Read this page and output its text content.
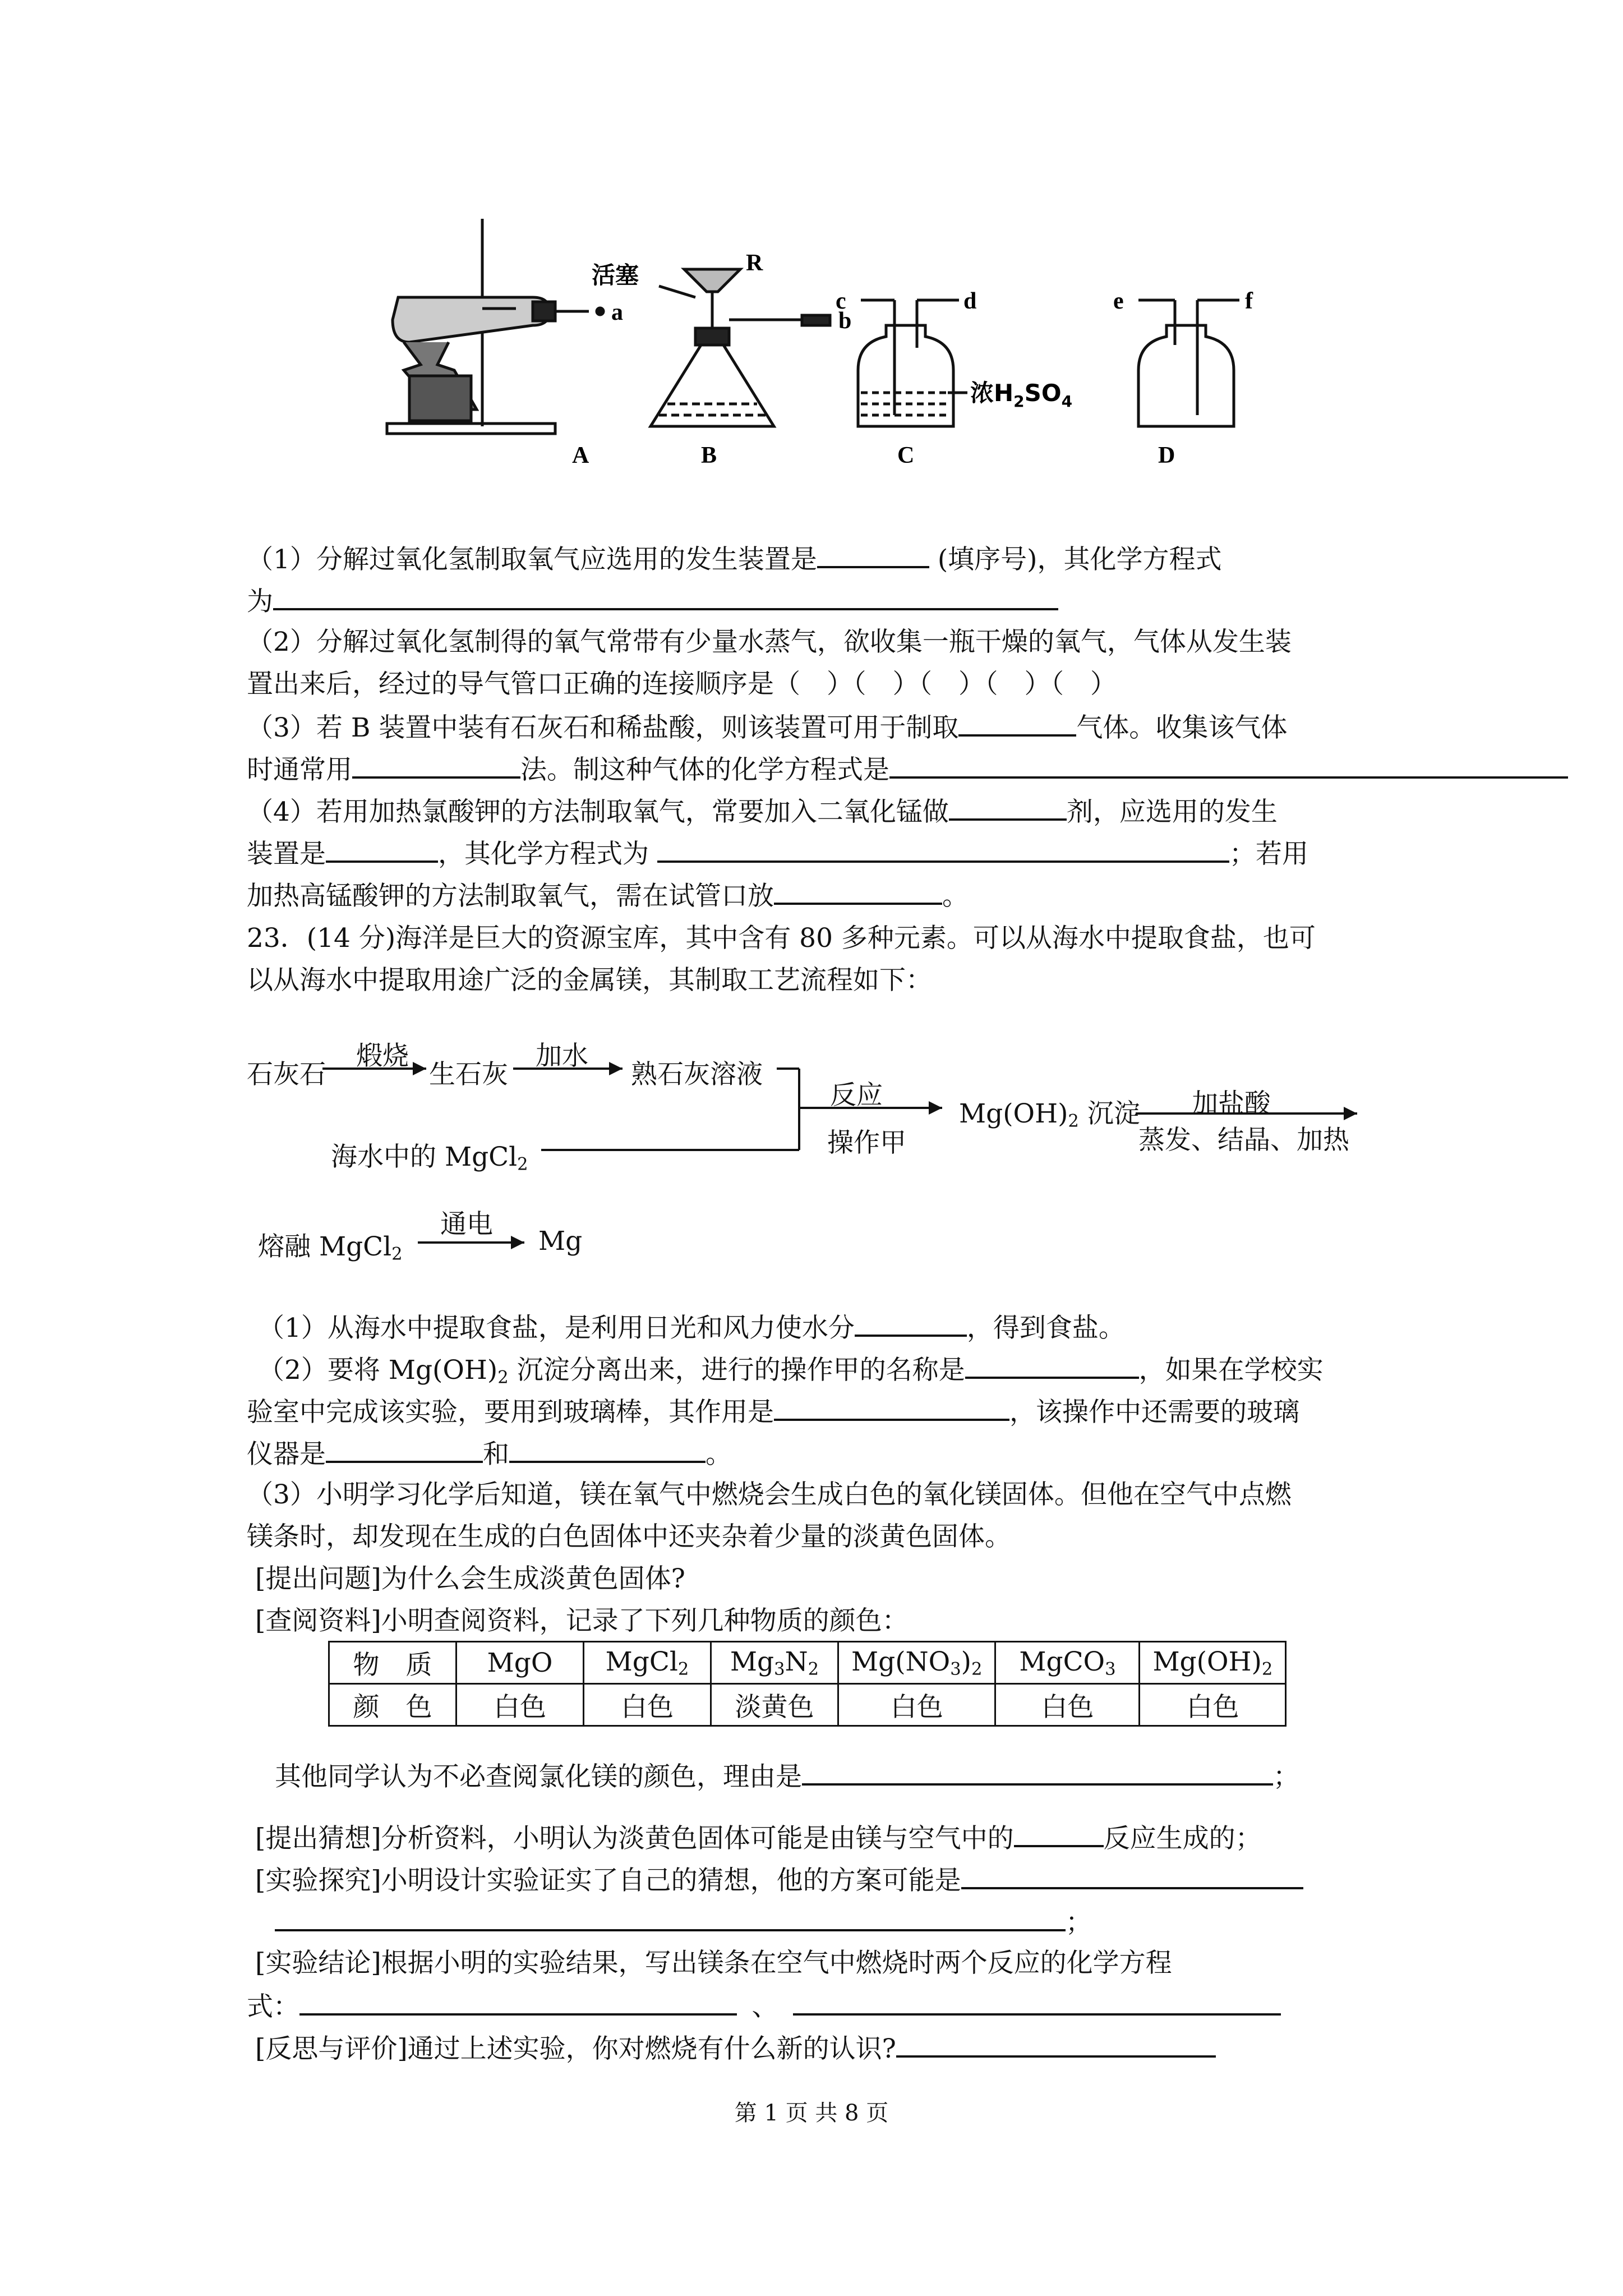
A
a
活塞	R
b
B
c	d
浓$H_2SO_4$
C
e	f
D
（1）分解过氧化氢制取氧气应选用的发生装置是	(填序号)，其化学方程式
为
（2）分解过氧化氢制得的氧气常带有少量水蒸气，欲收集一瓶干燥的氧气，气体从发生装
置出来后，经过的导气管口正确的连接顺序是（　）（　）（　）（　）（　）
（3）若 B 装置中装有石灰石和稀盐酸，则该装置可用于制取	气体。收集该气体
时通常用	法。制这种气体的化学方程式是
（4）若用加热氯酸钾的方法制取氧气，常要加入二氧化锰做	剂，应选用的发生
装置是	，其化学方程式为	；若用
加热高锰酸钾的方法制取氧气，需在试管口放	。
23．(14 分)海洋是巨大的资源宝库，其中含有 80 多种元素。可以从海水中提取食盐，也可
以从海水中提取用途广泛的金属镁，其制取工艺流程如下：
石灰石
煅烧
生石灰
加水
熟石灰溶液
海水中的 MgCl$_2$
反应
操作甲
$Mg(OH)_2$ 沉淀 加盐酸
蒸发、结晶、加热
熔融 MgCl$_2$
通电
Mg
（1）从海水中提取食盐，是利用日光和风力使水分	，得到食盐。
（2）要将 $Mg(OH)_2$ 沉淀分离出来，进行的操作甲的名称是	，如果在学校实
验室中完成该实验，要用到玻璃棒，其作用是	，该操作中还需要的玻璃
仪器是	和	。
（3）小明学习化学后知道，镁在氧气中燃烧会生成白色的氧化镁固体。但他在空气中点燃
镁条时，却发现在生成的白色固体中还夹杂着少量的淡黄色固体。
[提出问题]为什么会生成淡黄色固体?
[查阅资料]小明查阅资料，记录了下列几种物质的颜色：
物　质	MgO	MgCl$_2$	$Mg_3N_2$	$Mg(NO_3)_2$	MgCO$_3$	$Mg(OH)_2$
颜　色	白色	白色	淡黄色	白色	白色	白色
其他同学认为不必查阅氯化镁的颜色，理由是	；
[提出猜想]分析资料，小明认为淡黄色固体可能是由镁与空气中的	反应生成的；
[实验探究]小明设计实验证实了自己的猜想，他的方案可能是
；
[实验结论]根据小明的实验结果，写出镁条在空气中燃烧时两个反应的化学方程
式：	、
[反思与评价]通过上述实验，你对燃烧有什么新的认识?
第 1 页 共 8 页
